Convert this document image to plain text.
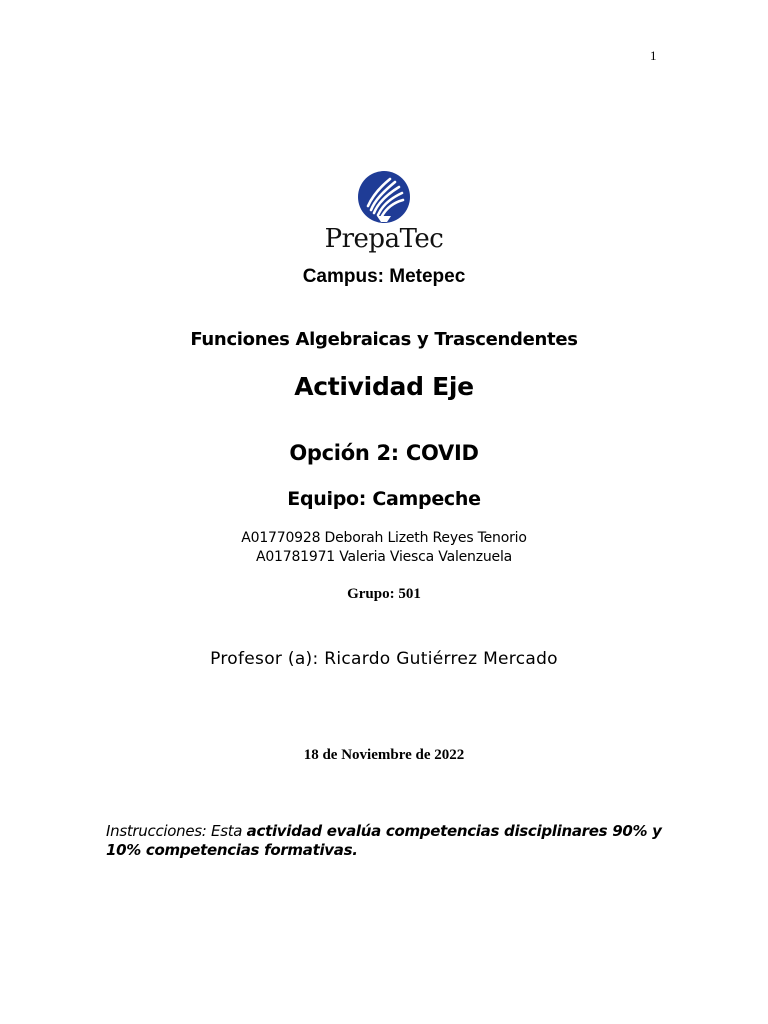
1
PrepaTec
Campus: Metepec
Funciones Algebraicas y Trascendentes
Actividad Eje
Opción 2: COVID
Equipo: Campeche
A01770928 Deborah Lizeth Reyes Tenorio
A01781971 Valeria Viesca Valenzuela
Grupo: 501
Profesor (a): Ricardo Gutiérrez Mercado
18 de Noviembre de 2022
Instrucciones: Esta actividad evalúa competencias disciplinares 90% y 10% competencias formativas.
